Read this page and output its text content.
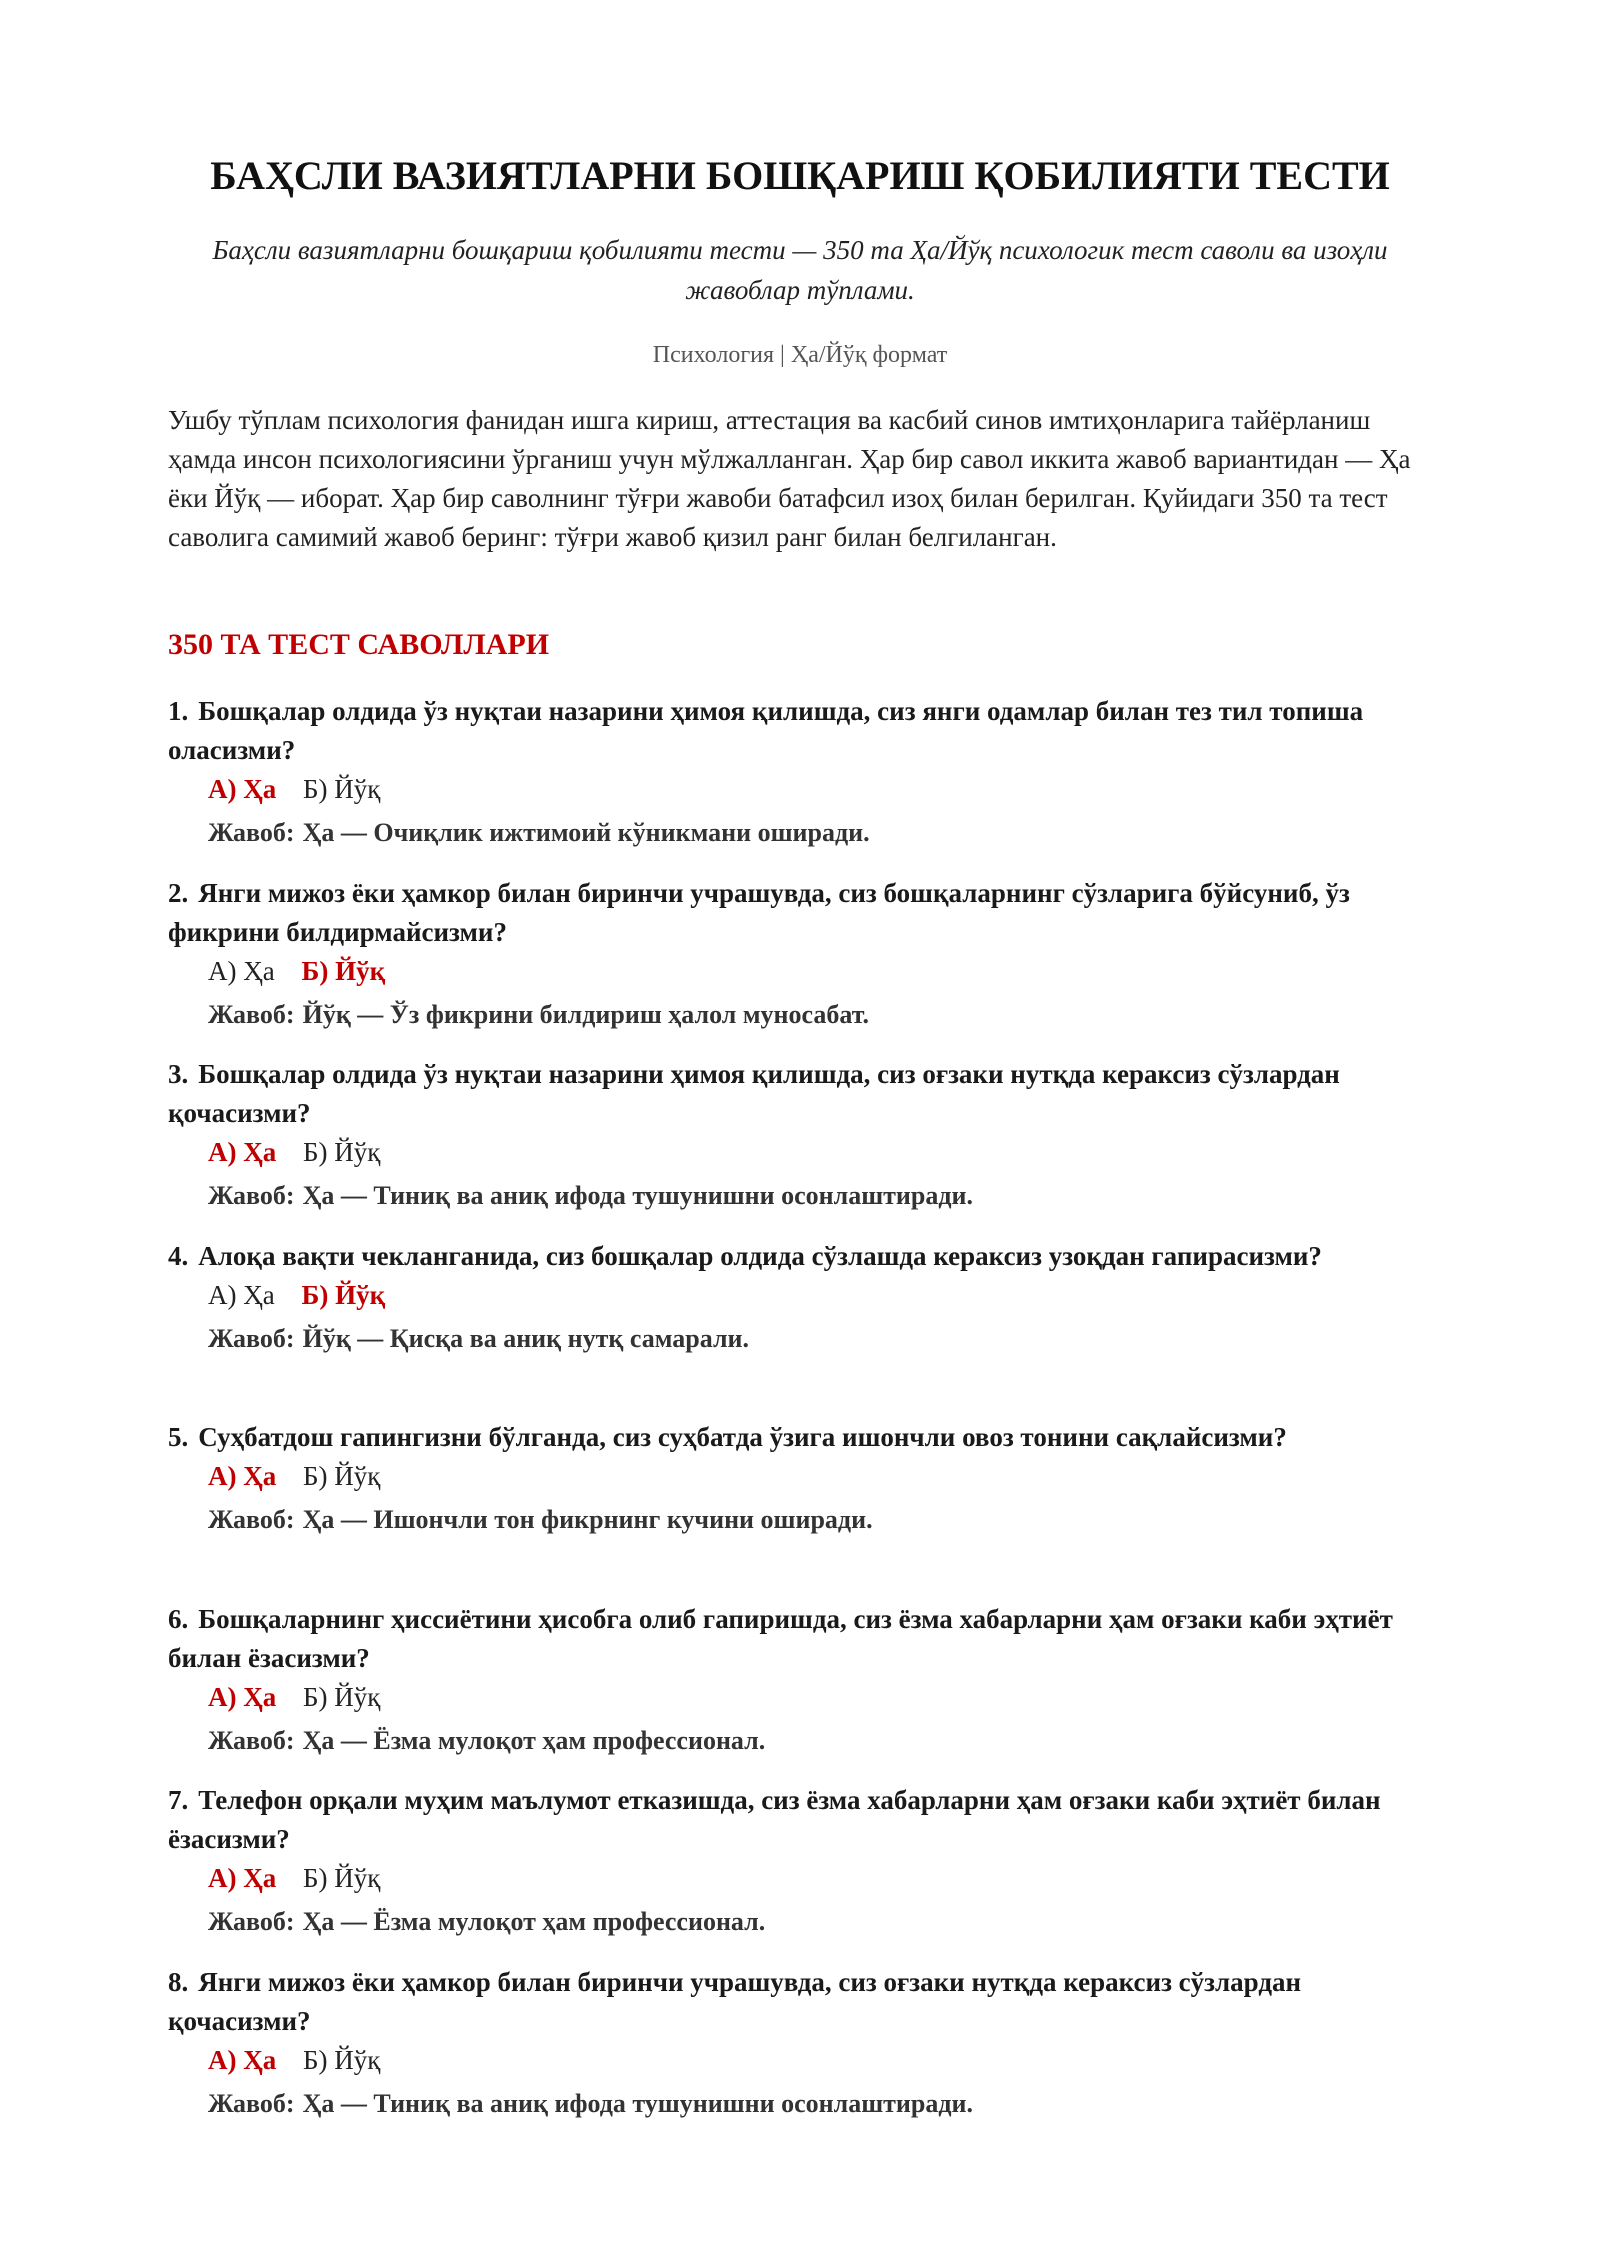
БАҲСЛИ ВАЗИЯТЛАРНИ БОШҚАРИШ ҚОБИЛИЯТИ ТЕСТИ
Баҳсли вазиятларни бошқариш қобилияти тести — 350 та Ҳа/Йўқ психологик тест саволи ва изоҳли жавоблар тўплами.
Психология | Ҳа/Йўқ формат
Ушбу тўплам психология фанидан ишга кириш, аттестация ва касбий синов имтиҳонларига тайёрланиш ҳамда инсон психологиясини ўрганиш учун мўлжалланган. Ҳар бир савол иккита жавоб вариантидан — Ҳа ёки Йўқ — иборат. Ҳар бир саволнинг тўғри жавоби батафсил изоҳ билан берилган. Қуйидаги 350 та тест саволига самимий жавоб беринг: тўғри жавоб қизил ранг билан белгиланган.
350 ТА ТЕСТ САВОЛЛАРИ
1. Бошқалар олдида ўз нуқтаи назарини ҳимоя қилишда, сиз янги одамлар билан тез тил топиша оласизми?
А) Ҳа Б) Йўқ
Жавоб: Ҳа — Очиқлик ижтимоий кўникмани оширади.
2. Янги мижоз ёки ҳамкор билан биринчи учрашувда, сиз бошқаларнинг сўзларига бўйсуниб, ўз фикрини билдирмайсизми?
А) Ҳа Б) Йўқ
Жавоб: Йўқ — Ўз фикрини билдириш ҳалол муносабат.
3. Бошқалар олдида ўз нуқтаи назарини ҳимоя қилишда, сиз оғзаки нутқда кераксиз сўзлардан қочасизми?
А) Ҳа Б) Йўқ
Жавоб: Ҳа — Тиниқ ва аниқ ифода тушунишни осонлаштиради.
4. Алоқа вақти чекланганида, сиз бошқалар олдида сўзлашда кераксиз узоқдан гапирасизми?
А) Ҳа Б) Йўқ
Жавоб: Йўқ — Қисқа ва аниқ нутқ самарали.
5. Суҳбатдош гапингизни бўлганда, сиз суҳбатда ўзига ишончли овоз тонини сақлайсизми?
А) Ҳа Б) Йўқ
Жавоб: Ҳа — Ишончли тон фикрнинг кучини оширади.
6. Бошқаларнинг ҳиссиётини ҳисобга олиб гапиришда, сиз ёзма хабарларни ҳам оғзаки каби эҳтиёт билан ёзасизми?
А) Ҳа Б) Йўқ
Жавоб: Ҳа — Ёзма мулоқот ҳам профессионал.
7. Телефон орқали муҳим маълумот етказишда, сиз ёзма хабарларни ҳам оғзаки каби эҳтиёт билан ёзасизми?
А) Ҳа Б) Йўқ
Жавоб: Ҳа — Ёзма мулоқот ҳам профессионал.
8. Янги мижоз ёки ҳамкор билан биринчи учрашувда, сиз оғзаки нутқда кераксиз сўзлардан қочасизми?
А) Ҳа Б) Йўқ
Жавоб: Ҳа — Тиниқ ва аниқ ифода тушунишни осонлаштиради.
